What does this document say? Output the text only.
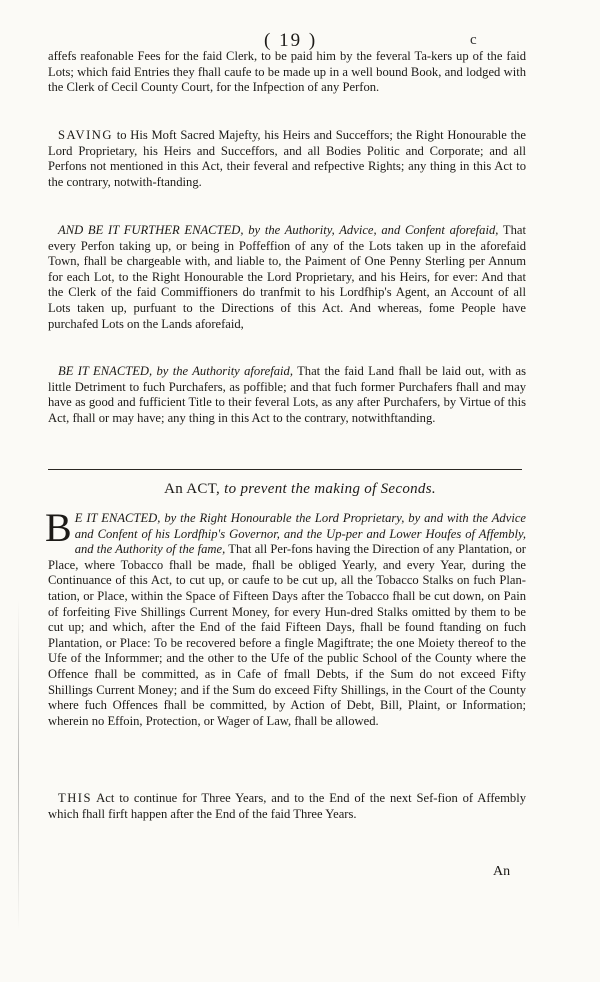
( 19 )	c

affefs reafonable Fees for the faid Clerk, to be paid him by the feveral Ta-kers up of the faid Lots; which faid Entries they fhall caufe to be made up in a well bound Book, and lodged with the Clerk of Cecil County Court, for the Infpection of any Perfon.

SAVING to His Moft Sacred Majefty, his Heirs and Succeffors; the Right Honourable the Lord Proprietary, his Heirs and Succeffors, and all Bodies Politic and Corporate; and all Perfons not mentioned in this Act, their feveral and refpective Rights; any thing in this Act to the contrary, notwith-ftanding.

AND BE IT FURTHER ENACTED, by the Authority, Advice, and Confent aforefaid, That every Perfon taking up, or being in Poffeffion of any of the Lots taken up in the aforefaid Town, fhall be chargeable with, and liable to, the Paiment of One Penny Sterling per Annum for each Lot, to the Right Honourable the Lord Proprietary, and his Heirs, for ever: And that the Clerk of the faid Commiffioners do tranfmit to his Lordfhip's Agent, an Account of all Lots taken up, purfuant to the Directions of this Act. And whereas, fome People have purchafed Lots on the Lands aforefaid,

BE IT ENACTED, by the Authority aforefaid, That the faid Land fhall be laid out, with as little Detriment to fuch Purchafers, as poffible; and that fuch former Purchafers fhall and may have as good and fufficient Title to their feveral Lots, as any after Purchafers, by Virtue of this Act, fhall or may have; any thing in this Act to the contrary, notwithftanding.

An ACT, to prevent the making of Seconds.

B E IT ENACTED, by the Right Honourable the Lord Proprietary, by and with the Advice and Confent of his Lordfhip's Governor, and the Up-per and Lower Houfes of Affembly, and the Authority of the fame, That all Per-fons having the Direction of any Plantation, or Place, where Tobacco fhall be made, fhall be obliged Yearly, and every Year, during the Continuance of this Act, to cut up, or caufe to be cut up, all the Tobacco Stalks on fuch Plan-tation, or Place, within the Space of Fifteen Days after the Tobacco fhall be cut down, on Pain of forfeiting Five Shillings Current Money, for every Hun-dred Stalks omitted by them to be cut up; and which, after the End of the faid Fifteen Days, fhall be found ftanding on fuch Plantation, or Place: To be recovered before a fingle Magiftrate; the one Moiety thereof to the Ufe of the Informmer; and the other to the Ufe of the public School of the County where the Offence fhall be committed, as in Cafe of fmall Debts, if the Sum do not exceed Fifty Shillings Current Money; and if the Sum do exceed Fifty Shillings, in the Court of the County where fuch Offences fhall be committed, by Action of Debt, Bill, Plaint, or Information; wherein no Effoin, Protection, or Wager of Law, fhall be allowed.

THIS Act to continue for Three Years, and to the End of the next Sef-fion of Affembly which fhall firft happen after the End of the faid Three Years.

An
